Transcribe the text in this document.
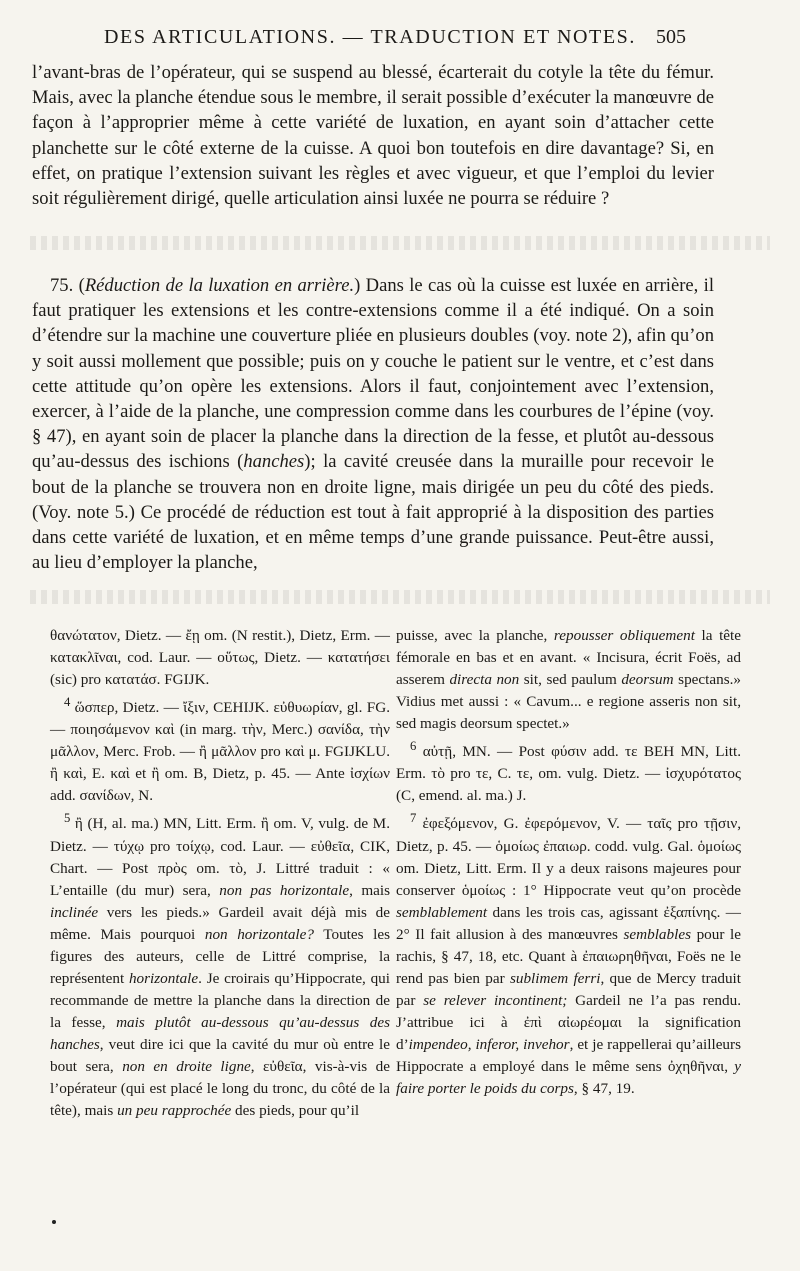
DES ARTICULATIONS. — TRADUCTION ET NOTES. 505

l’avant-bras de l’opérateur, qui se suspend au blessé, écarterait du cotyle la tête du fémur. Mais, avec la planche étendue sous le membre, il serait possible d’exécuter la manœuvre de façon à l’approprier même à cette variété de luxation, en ayant soin d’attacher cette planchette sur le côté externe de la cuisse. A quoi bon toutefois en dire davantage? Si, en effet, on pratique l’extension suivant les règles et avec vigueur, et que l’emploi du levier soit régulièrement dirigé, quelle articulation ainsi luxée ne pourra se réduire ?

75. (Réduction de la luxation en arrière.) Dans le cas où la cuisse est luxée en arrière, il faut pratiquer les extensions et les contre-extensions comme il a été indiqué. On a soin d’étendre sur la machine une couverture pliée en plusieurs doubles (voy. note 2), afin qu’on y soit aussi mollement que possible; puis on y couche le patient sur le ventre, et c’est dans cette attitude qu’on opère les extensions. Alors il faut, conjointement avec l’extension, exercer, à l’aide de la planche, une compression comme dans les courbures de l’épine (voy. § 47), en ayant soin de placer la planche dans la direction de la fesse, et plutôt au-dessous qu’au-dessus des ischions (hanches); la cavité creusée dans la muraille pour recevoir le bout de la planche se trouvera non en droite ligne, mais dirigée un peu du côté des pieds. (Voy. note 5.) Ce procédé de réduction est tout à fait approprié à la disposition des parties dans cette variété de luxation, et en même temps d’une grande puissance. Peut-être aussi, au lieu d’employer la planche,

θανώτατον, Dietz. — ἔῃ om. (N restit.), Dietz, Erm. — κατακλῖναι, cod. Laur. — οὕτως, Dietz. — κατατήσει (sic) pro κατατάσ. FGIJK.

$^4$ ὥσπερ, Dietz. — ἴξιν, CEHIJK. εὐθυωρίαν, gl. FG. — ποιησάμενον καὶ (in marg. τὴν, Merc.) σανίδα, τὴν μᾶλλον, Merc. Frob. — ἢ μᾶλλον pro καὶ μ. FGIJKLU. ἢ καὶ, E. καὶ et ἢ om. B, Dietz, p. 45. — Ante ἰσχίων add. σανίδων, N.

$^5$ ἢ (H, al. ma.) MN, Litt. Erm. ἢ om. V, vulg. de M. Dietz. — τύχῳ pro τοίχῳ, cod. Laur. — εὐθεῖα, CIK, Chart. — Post πρὸς om. τὸ, J. Littré traduit : « L’entaille (du mur) sera, non pas horizontale, mais inclinée vers les pieds.» Gardeil avait déjà mis de même. Mais pourquoi non horizontale? Toutes les figures des auteurs, celle de Littré comprise, la représentent horizontale. Je croirais qu’Hippocrate, qui recommande de mettre la planche dans la direction de la fesse, mais plutôt au-dessous qu’au-dessus des hanches, veut dire ici que la cavité du mur où entre le bout sera, non en droite ligne, εὐθεῖα, vis-à-vis de l’opérateur (qui est placé le long du tronc, du côté de la tête), mais un peu rapprochée des pieds, pour qu’il

puisse, avec la planche, repousser obliquement la tête fémorale en bas et en avant. « Incisura, écrit Foës, ad asserem directa non sit, sed paulum deorsum spectans.» Vidius met aussi : « Cavum... e regione asseris non sit, sed magis deorsum spectet.»

$^6$ αὐτῇ, MN. — Post φύσιν add. τε BEH MN, Litt. Erm. τὸ pro τε, C. τε, om. vulg. Dietz. — ἰσχυρότατος (C, emend. al. ma.) J.

$^7$ ἐφεξόμενον, G. ἐφερόμενον, V. — ταῖς pro τῇσιν, Dietz, p. 45. — ὁμοίως ἐπαιωρ. codd. vulg. Gal. ὁμοίως om. Dietz, Litt. Erm. Il y a deux raisons majeures pour conserver ὁμοίως : 1° Hippocrate veut qu’on procède semblablement dans les trois cas, agissant ἐξαπίνης. — 2° Il fait allusion à des manœuvres semblables pour le rachis, § 47, 18, etc. Quant à ἐπαιωρηθῆναι, Foës ne le rend pas bien par sublimem ferri, que de Mercy traduit par se relever incontinent; Gardeil ne l’a pas rendu. J’attribue ici à ἐπὶ αἰωρέομαι la signification d’impendeo, inferor, invehor, et je rappellerai qu’ailleurs Hippocrate a employé dans le même sens ὀχηθῆναι, y faire porter le poids du corps, § 47, 19.
